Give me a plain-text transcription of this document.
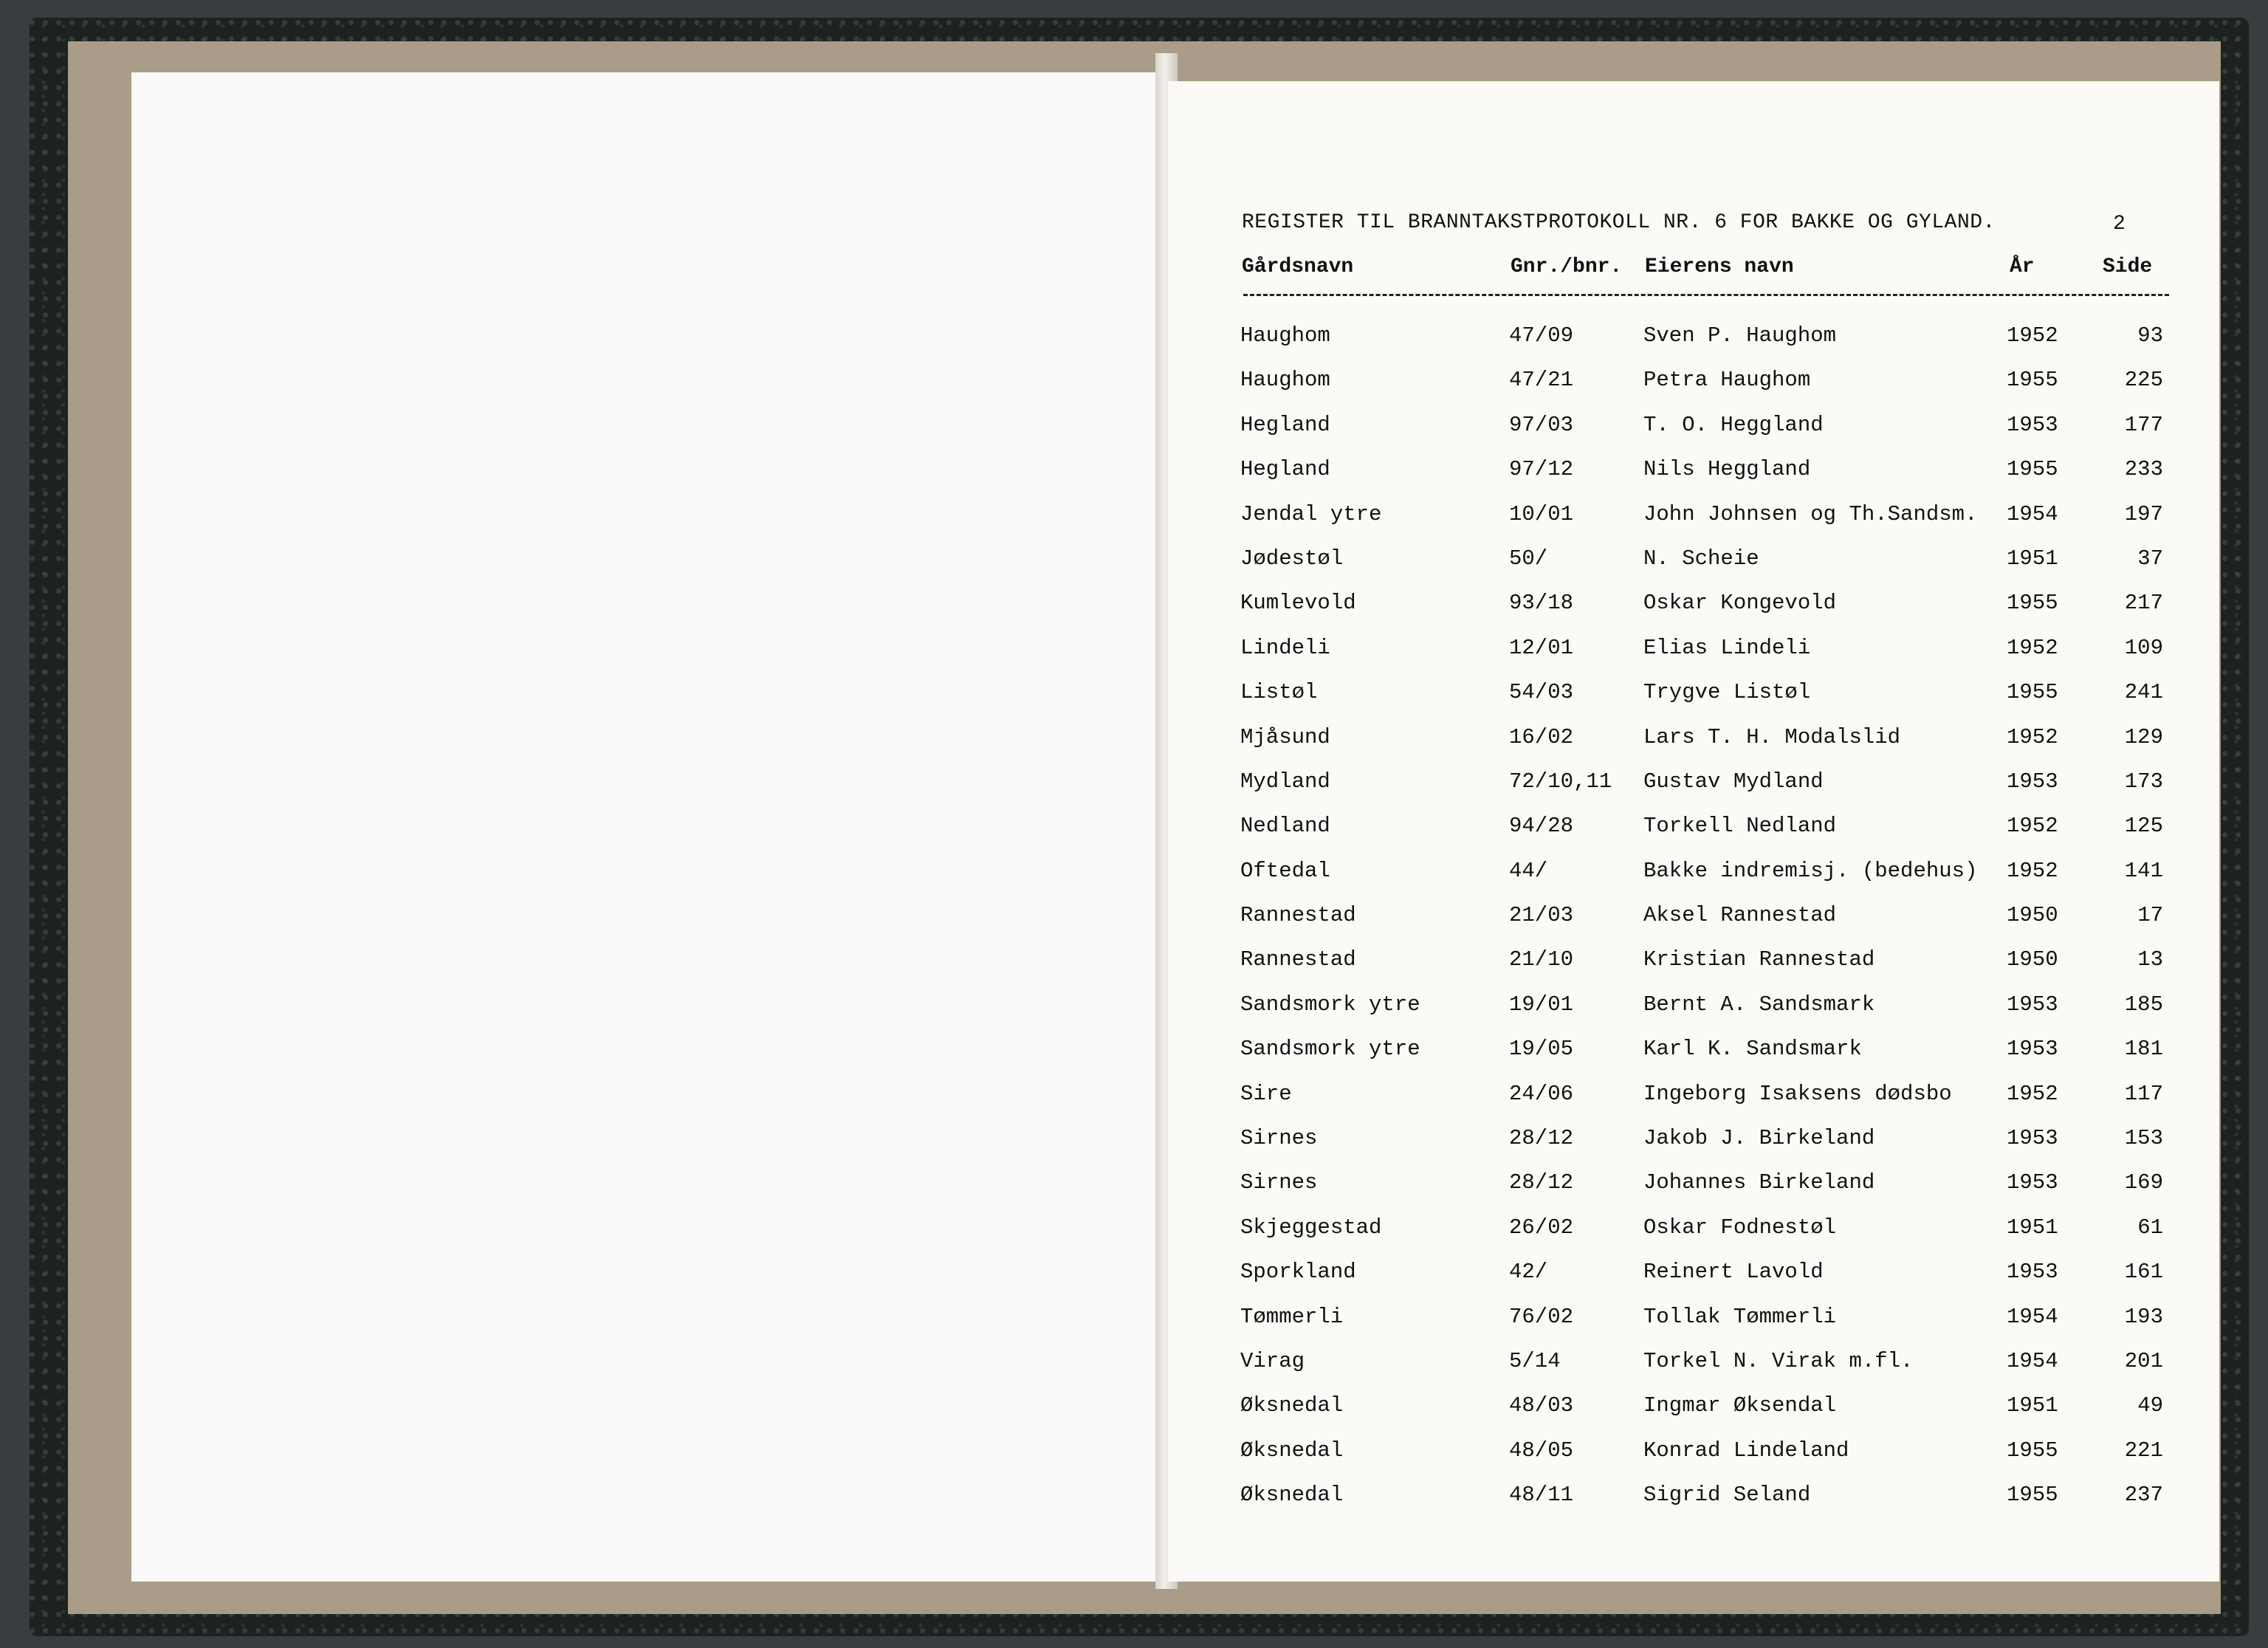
REGISTER TIL BRANNTAKSTPROTOKOLL NR. 6 FOR BAKKE OG GYLAND.	2
Gårdsnavn	Gnr./bnr. Eierens navn	År	Side
Haughom	47/09	Sven P. Haughom	1952	93
Haughom	47/21	Petra Haughom	1955	225
Hegland	97/03	T. O. Heggland	1953	177
Hegland	97/12	Nils Heggland	1955	233
Jendal ytre	10/01	John Johnsen og Th.Sandsm. 1954	197
Jødestøl	50/	N. Scheie	1951	37
Kumlevold	93/18	Oskar Kongevold	1955	217
Lindeli	12/01	Elias Lindeli	1952	109
Listøl	54/03	Trygve Listøl	1955	241
Mjåsund	16/02	Lars T. H. Modalslid	1952	129
Mydland	72/10,11 Gustav Mydland	1953	173
Nedland	94/28	Torkell Nedland	1952	125
Oftedal	44/	Bakke indremisj. (bedehus) 1952	141
Rannestad	21/03	Aksel Rannestad	1950	17
Rannestad	21/10	Kristian Rannestad	1950	13
Sandsmork ytre	19/01	Bernt A. Sandsmark	1953	185
Sandsmork ytre	19/05	Karl K. Sandsmark	1953	181
Sire	24/06	Ingeborg Isaksens dødsbo	1952	117
Sirnes	28/12	Jakob J. Birkeland	1953	153
Sirnes	28/12	Johannes Birkeland	1953	169
Skjeggestad	26/02	Oskar Fodnestøl	1951	61
Sporkland	42/	Reinert Lavold	1953	161
Tømmerli	76/02	Tollak Tømmerli	1954	193
Virag	5/14	Torkel N. Virak m.fl.	1954	201
Øksnedal	48/03	Ingmar Øksendal	1951	49
Øksnedal	48/05	Konrad Lindeland	1955	221
Øksnedal	48/11	Sigrid Seland	1955	237
